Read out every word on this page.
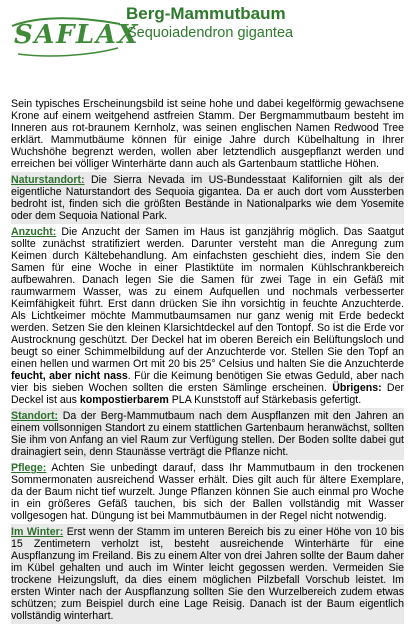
SAFLAX
Berg-Mammutbaum
Sequoiadendron gigantea

Sein typisches Erscheinungsbild ist seine hohe und dabei kegelförmig gewachsene Krone auf einem weitgehend astfreien Stamm. Der Bergmammutbaum besteht im Inneren aus rot-braunem Kernholz, was seinen englischen Namen Redwood Tree erklärt. Mammutbäume können für einige Jahre durch Kübelhaltung in Ihrer Wuchshöhe begrenzt werden, wollen aber letztendlich ausgepflanzt werden und erreichen bei völliger Winterhärte dann auch als Gartenbaum stattliche Höhen.

Naturstandort: Die Sierra Nevada im US-Bundesstaat Kalifornien gilt als der eigentliche Naturstandort des Sequoia gigantea. Da er auch dort vom Aussterben bedroht ist, finden sich die größten Bestände in Nationalparks wie dem Yosemite oder dem Sequoia National Park.

Anzucht: Die Anzucht der Samen im Haus ist ganzjährig möglich. Das Saatgut sollte zunächst stratifiziert werden. Darunter versteht man die Anregung zum Keimen durch Kältebehandlung. Am einfachsten geschieht dies, indem Sie den Samen für eine Woche in einer Plastiktüte im normalen Kühlschrankbereich aufbewahren. Danach legen Sie die Samen für zwei Tage in ein Gefäß mit raumwarmem Wasser, was zu einem Aufquellen und nochmals verbesserter Keimfähigkeit führt. Erst dann drücken Sie ihn vorsichtig in feuchte Anzuchterde. Als Lichtkeimer möchte Mammutbaumsamen nur ganz wenig mit Erde bedeckt werden. Setzen Sie den kleinen Klarsichtdeckel auf den Tontopf. So ist die Erde vor Austrocknung geschützt. Der Deckel hat im oberen Bereich ein Belüftungsloch und beugt so einer Schimmelbildung auf der Anzuchterde vor. Stellen Sie den Topf an einen hellen und warmen Ort mit 20 bis 25° Celsius und halten Sie die Anzuchterde feucht, aber nicht nass. Für die Keimung benötigen Sie etwas Geduld, aber nach vier bis sieben Wochen sollten die ersten Sämlinge erscheinen. Übrigens: Der Deckel ist aus kompostierbarem PLA Kunststoff auf Stärkebasis gefertigt.

Standort: Da der Berg-Mammutbaum nach dem Auspflanzen mit den Jahren an einem vollsonnigen Standort zu einem stattlichen Gartenbaum heranwächst, sollten Sie ihm von Anfang an viel Raum zur Verfügung stellen. Der Boden sollte dabei gut drainagiert sein, denn Staunässe verträgt die Pflanze nicht.

Pflege: Achten Sie unbedingt darauf, dass Ihr Mammutbaum in den trockenen Sommermonaten ausreichend Wasser erhält. Dies gilt auch für ältere Exemplare, da der Baum nicht tief wurzelt. Junge Pflanzen können Sie auch einmal pro Woche in ein größeres Gefäß tauchen, bis sich der Ballen vollständig mit Wasser vollgesogen hat. Düngung ist bei Mammutbäumen in der Regel nicht notwendig.

Im Winter: Erst wenn der Stamm im unteren Bereich bis zu einer Höhe von 10 bis 15 Zentimetern verholzt ist, besteht ausreichende Winterhärte für eine Auspflanzung im Freiland. Bis zu einem Alter von drei Jahren sollte der Baum daher im Kübel gehalten und auch im Winter leicht gegossen werden. Vermeiden Sie trockene Heizungsluft, da dies einem möglichen Pilzbefall Vorschub leistet. Im ersten Winter nach der Auspflanzung sollten Sie den Wurzelbereich zudem etwas schützen; zum Beispiel durch eine Lage Reisig. Danach ist der Baum eigentlich vollständig winterhart.
